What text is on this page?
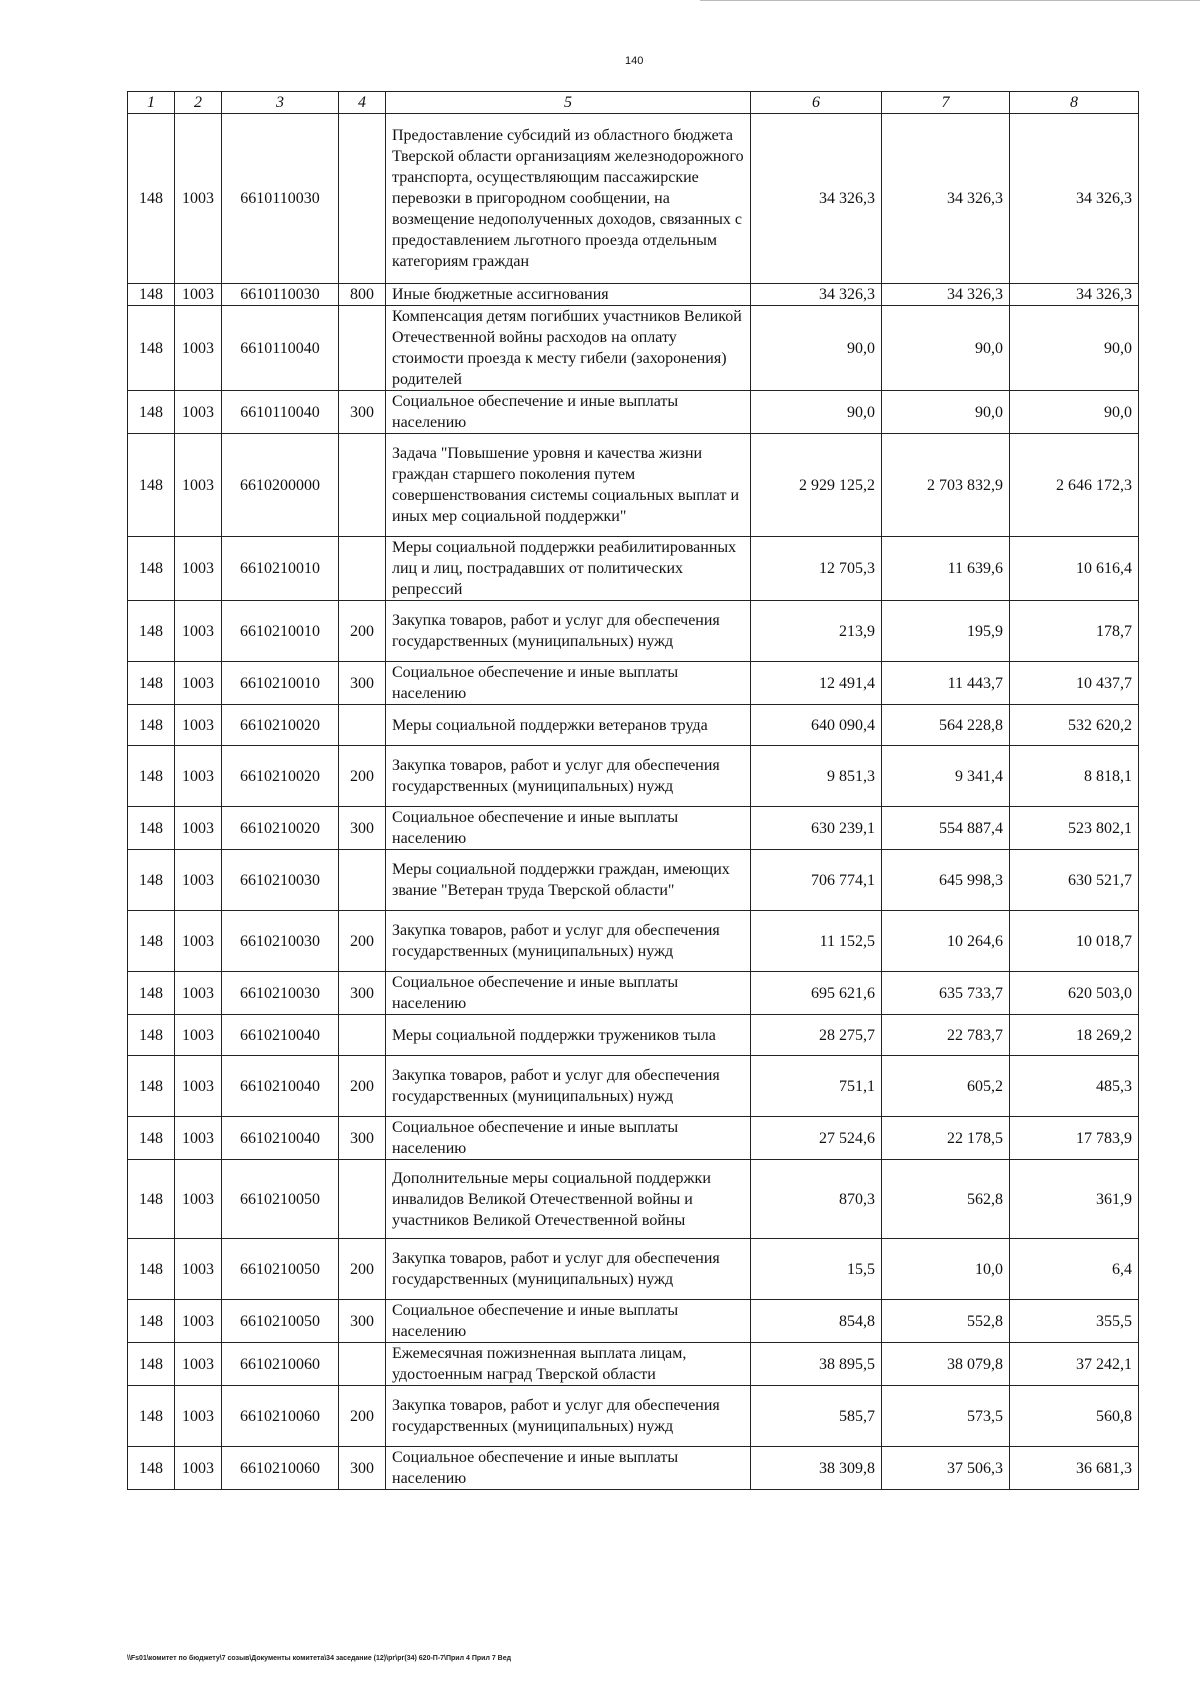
140
1	2	3	4	5	6	7	8
148	1003	6610110030		Предоставление субсидий из областного бюджета Тверской области организациям железнодорожного транспорта, осуществляющим пассажирские перевозки в пригородном сообщении, на возмещение недополученных доходов, связанных с предоставлением льготного проезда отдельным категориям граждан	34 326,3	34 326,3	34 326,3
148	1003	6610110030	800	Иные бюджетные ассигнования	34 326,3	34 326,3	34 326,3
148	1003	6610110040		Компенсация детям погибших участников Великой Отечественной войны расходов на оплату стоимости проезда к месту гибели (захоронения) родителей	90,0	90,0	90,0
148	1003	6610110040	300	Социальное обеспечение и иные выплаты населению	90,0	90,0	90,0
148	1003	6610200000		Задача "Повышение уровня и качества жизни граждан старшего поколения путем совершенствования системы социальных выплат и иных мер социальной поддержки"	2 929 125,2	2 703 832,9	2 646 172,3
148	1003	6610210010		Меры социальной поддержки реабилитированных лиц и лиц, пострадавших от политических репрессий	12 705,3	11 639,6	10 616,4
148	1003	6610210010	200	Закупка товаров, работ и услуг для обеспечения государственных (муниципальных) нужд	213,9	195,9	178,7
148	1003	6610210010	300	Социальное обеспечение и иные выплаты населению	12 491,4	11 443,7	10 437,7
148	1003	6610210020		Меры социальной поддержки ветеранов труда	640 090,4	564 228,8	532 620,2
148	1003	6610210020	200	Закупка товаров, работ и услуг для обеспечения государственных (муниципальных) нужд	9 851,3	9 341,4	8 818,1
148	1003	6610210020	300	Социальное обеспечение и иные выплаты населению	630 239,1	554 887,4	523 802,1
148	1003	6610210030		Меры социальной поддержки граждан, имеющих звание "Ветеран труда Тверской области"	706 774,1	645 998,3	630 521,7
148	1003	6610210030	200	Закупка товаров, работ и услуг для обеспечения государственных (муниципальных) нужд	11 152,5	10 264,6	10 018,7
148	1003	6610210030	300	Социальное обеспечение и иные выплаты населению	695 621,6	635 733,7	620 503,0
148	1003	6610210040		Меры социальной поддержки тружеников тыла	28 275,7	22 783,7	18 269,2
148	1003	6610210040	200	Закупка товаров, работ и услуг для обеспечения государственных (муниципальных) нужд	751,1	605,2	485,3
148	1003	6610210040	300	Социальное обеспечение и иные выплаты населению	27 524,6	22 178,5	17 783,9
148	1003	6610210050		Дополнительные меры социальной поддержки инвалидов Великой Отечественной войны и участников Великой Отечественной войны	870,3	562,8	361,9
148	1003	6610210050	200	Закупка товаров, работ и услуг для обеспечения государственных (муниципальных) нужд	15,5	10,0	6,4
148	1003	6610210050	300	Социальное обеспечение и иные выплаты населению	854,8	552,8	355,5
148	1003	6610210060		Ежемесячная пожизненная выплата лицам, удостоенным наград Тверской области	38 895,5	38 079,8	37 242,1
148	1003	6610210060	200	Закупка товаров, работ и услуг для обеспечения государственных (муниципальных) нужд	585,7	573,5	560,8
148	1003	6610210060	300	Социальное обеспечение и иные выплаты населению	38 309,8	37 506,3	36 681,3
\\Fs01\комитет по бюджету\7 созыв\Документы комитета\34 заседание (12)\рг\рг(34) 620-П-7\Прил 4 Прил 7 Вед
